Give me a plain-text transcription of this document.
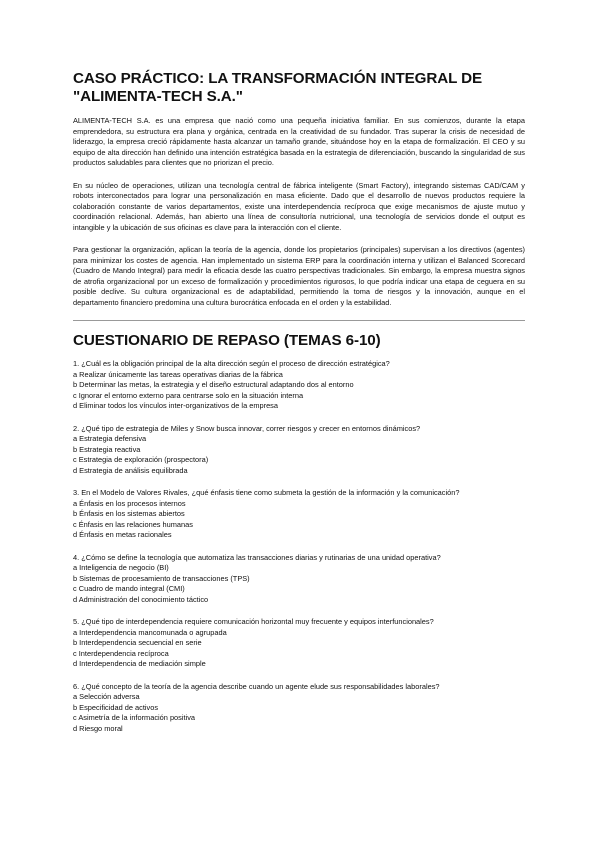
CASO PRÁCTICO: LA TRANSFORMACIÓN INTEGRAL DE "ALIMENTA-TECH S.A."

ALIMENTA-TECH S.A. es una empresa que nació como una pequeña iniciativa familiar. En sus comienzos, durante la etapa emprendedora, su estructura era plana y orgánica, centrada en la creatividad de su fundador. Tras superar la crisis de necesidad de liderazgo, la empresa creció rápidamente hasta alcanzar un tamaño grande, situándose hoy en la etapa de formalización. El CEO y su equipo de alta dirección han definido una intención estratégica basada en la estrategia de diferenciación, buscando la singularidad de sus productos saludables para clientes que no priorizan el precio.

En su núcleo de operaciones, utilizan una tecnología central de fábrica inteligente (Smart Factory), integrando sistemas CAD/CAM y robots interconectados para lograr una personalización en masa eficiente. Dado que el desarrollo de nuevos productos requiere la colaboración constante de varios departamentos, existe una interdependencia recíproca que exige mecanismos de ajuste mutuo y coordinación relacional. Además, han abierto una línea de consultoría nutricional, una tecnología de servicios donde el output es intangible y la ubicación de sus oficinas es clave para la interacción con el cliente.

Para gestionar la organización, aplican la teoría de la agencia, donde los propietarios (principales) supervisan a los directivos (agentes) para minimizar los costes de agencia. Han implementado un sistema ERP para la coordinación interna y utilizan el Balanced Scorecard (Cuadro de Mando Integral) para medir la eficacia desde las cuatro perspectivas tradicionales. Sin embargo, la empresa muestra signos de atrofia organizacional por un exceso de formalización y procedimientos rigurosos, lo que podría indicar una etapa de ceguera en su posible declive. Su cultura organizacional es de adaptabilidad, permitiendo la toma de riesgos y la innovación, aunque en el departamento financiero predomina una cultura burocrática enfocada en el orden y la estabilidad.

CUESTIONARIO DE REPASO (TEMAS 6-10)

1. ¿Cuál es la obligación principal de la alta dirección según el proceso de dirección estratégica?

a Realizar únicamente las tareas operativas diarias de la fábrica

b Determinar las metas, la estrategia y el diseño estructural adaptando dos al entorno

c Ignorar el entorno externo para centrarse solo en la situación interna

d Eliminar todos los vínculos inter-organizativos de la empresa

2. ¿Qué tipo de estrategia de Miles y Snow busca innovar, correr riesgos y crecer en entornos dinámicos?

a Estrategia defensiva

b Estrategia reactiva

c Estrategia de exploración (prospectora)

d Estrategia de análisis equilibrada

3. En el Modelo de Valores Rivales, ¿qué énfasis tiene como submeta la gestión de la información y la comunicación?

a Énfasis en los procesos internos

b Énfasis en los sistemas abiertos

c Énfasis en las relaciones humanas

d Énfasis en metas racionales

4. ¿Cómo se define la tecnología que automatiza las transacciones diarias y rutinarias de una unidad operativa?

a Inteligencia de negocio (BI)

b Sistemas de procesamiento de transacciones (TPS)

c Cuadro de mando integral (CMI)

d Administración del conocimiento táctico

5. ¿Qué tipo de interdependencia requiere comunicación horizontal muy frecuente y equipos interfuncionales?

a Interdependencia mancomunada o agrupada

b Interdependencia secuencial en serie

c Interdependencia recíproca

d Interdependencia de mediación simple

6. ¿Qué concepto de la teoría de la agencia describe cuando un agente elude sus responsabilidades laborales?

a Selección adversa

b Especificidad de activos

c Asimetría de la información positiva

d Riesgo moral
